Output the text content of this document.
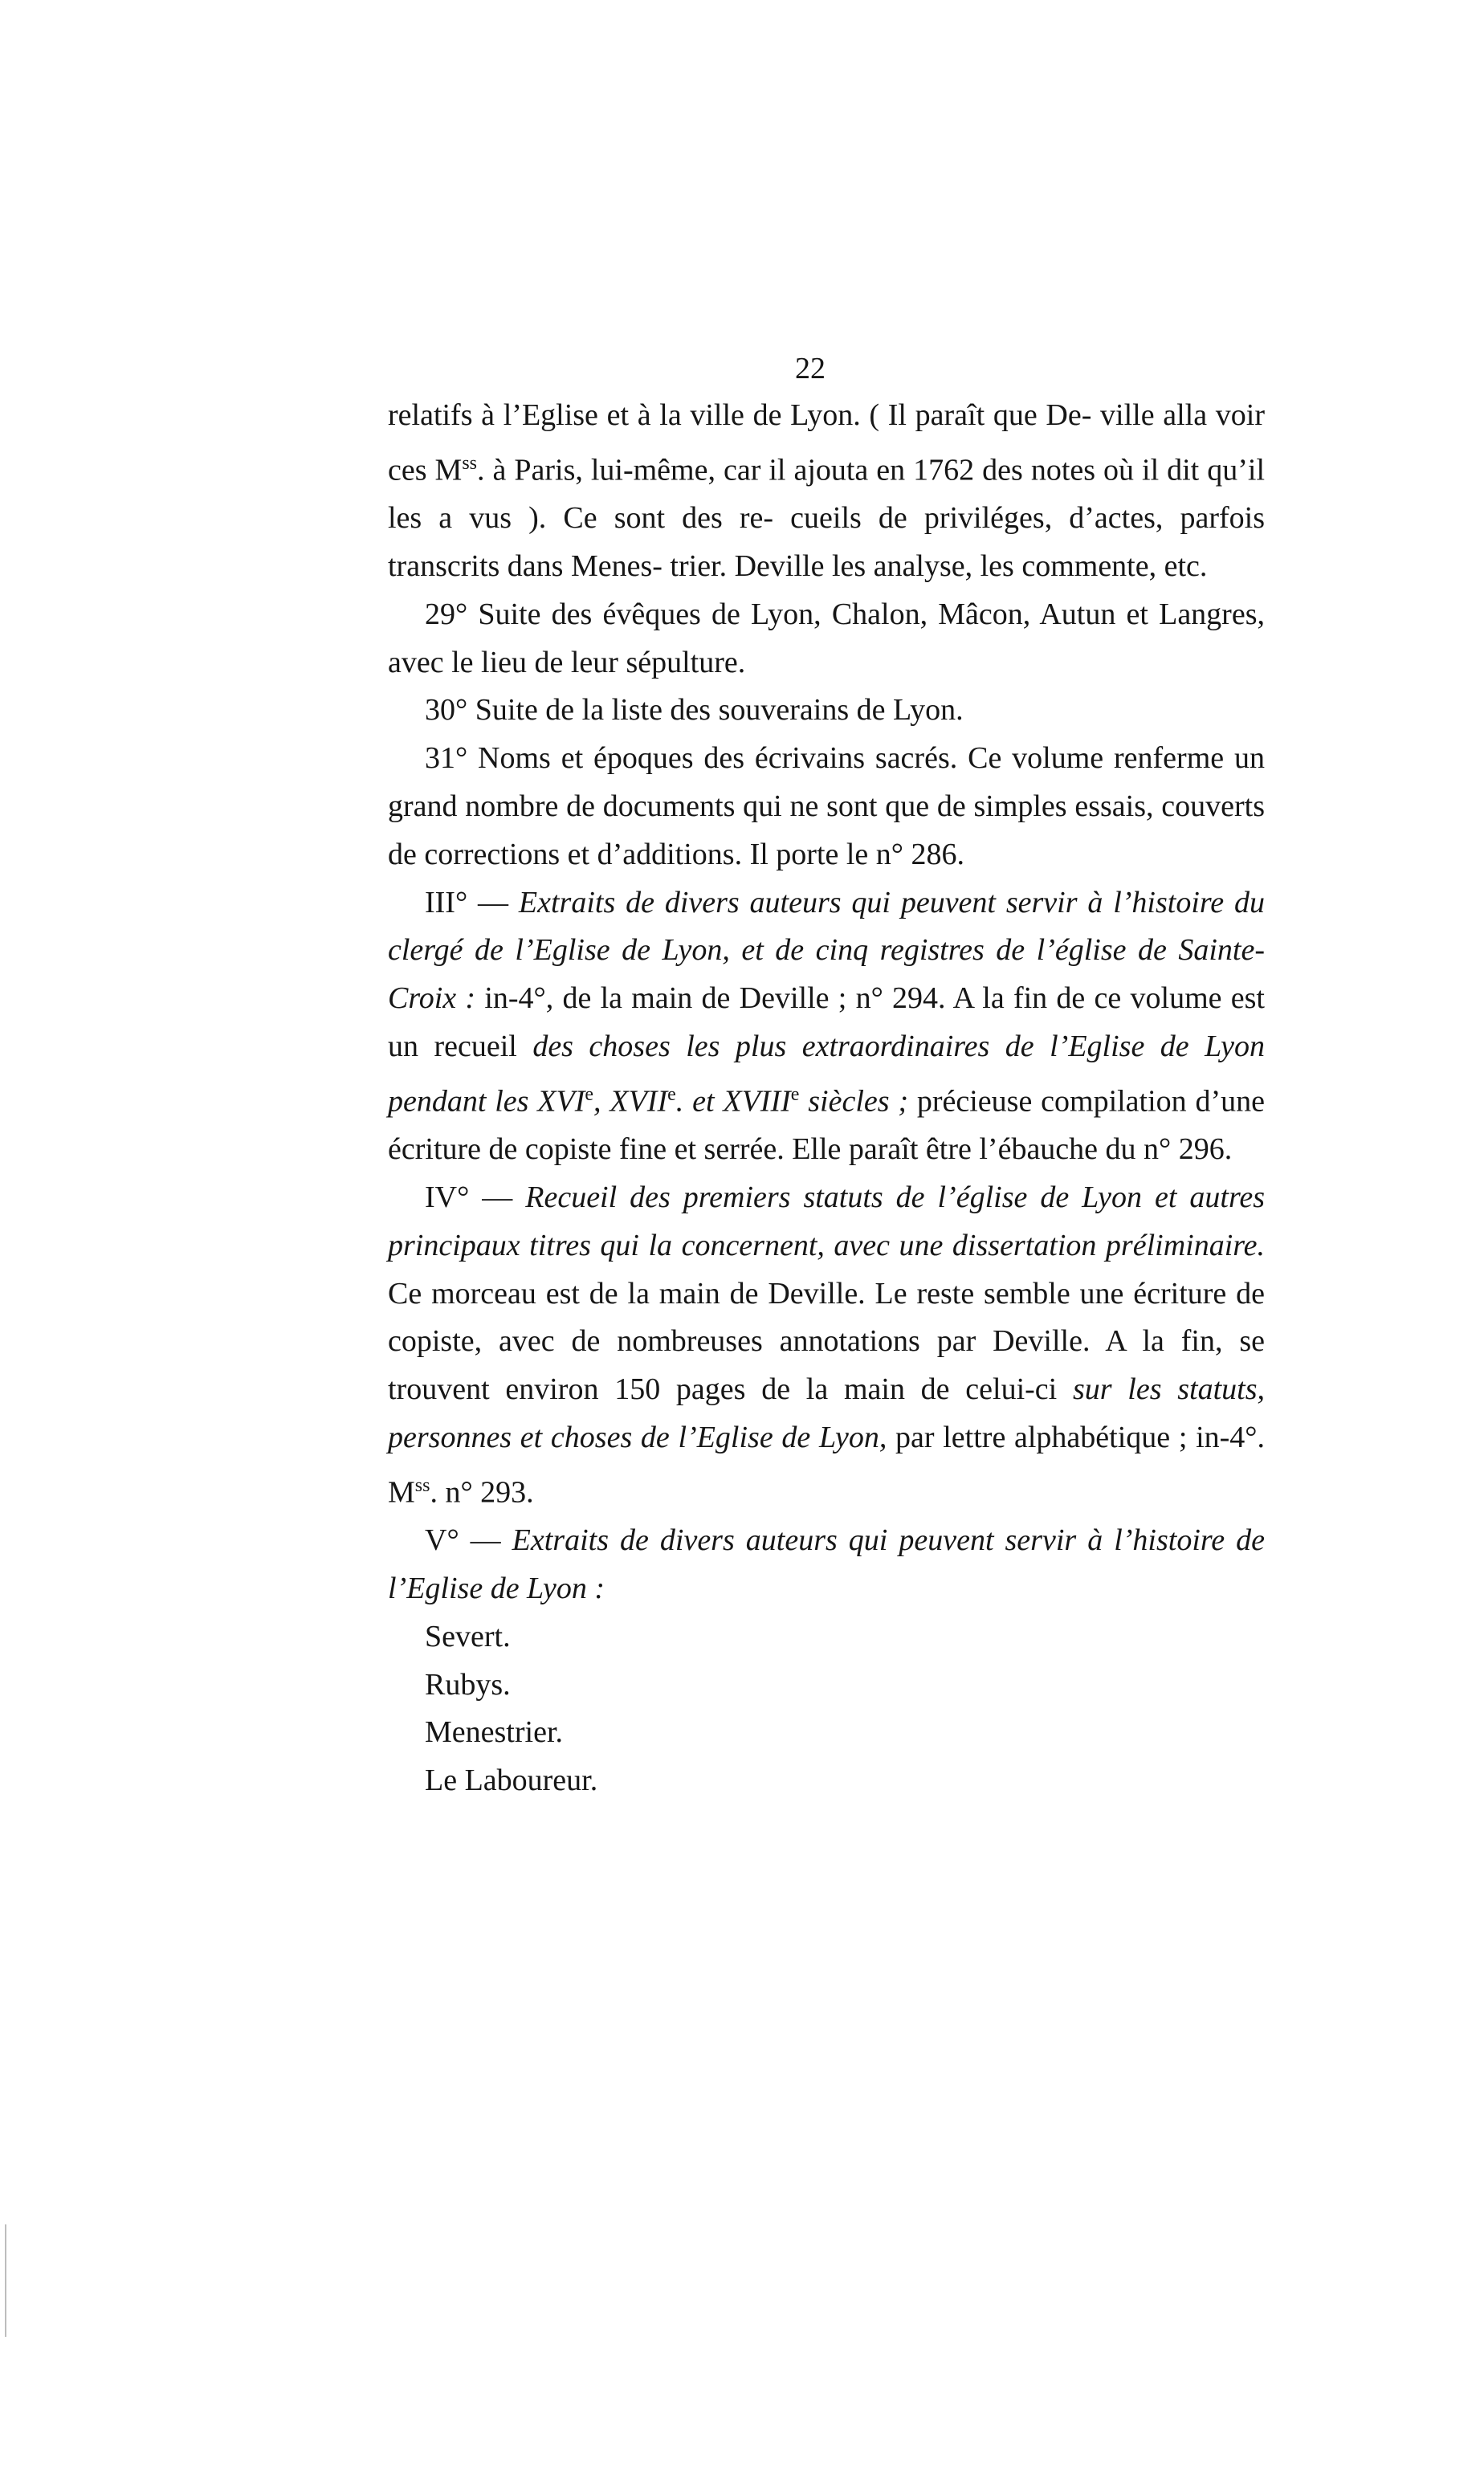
22

relatifs à l’Eglise et à la ville de Lyon. ( Il paraît que De- ville alla voir ces $M^{ss}$. à Paris, lui-même, car il ajouta en 1762 des notes où il dit qu’il les a vus ). Ce sont des re- cueils de priviléges, d’actes, parfois transcrits dans Menes- trier. Deville les analyse, les commente, etc.

29° Suite des évêques de Lyon, Chalon, Mâcon, Autun et Langres, avec le lieu de leur sépulture.

30° Suite de la liste des souverains de Lyon.

31° Noms et époques des écrivains sacrés. Ce volume renferme un grand nombre de documents qui ne sont que de simples essais, couverts de corrections et d’additions. Il porte le n° 286.

III° — Extraits de divers auteurs qui peuvent servir à l’histoire du clergé de l’Eglise de Lyon, et de cinq registres de l’église de Sainte-Croix : in-4°, de la main de Deville ; n° 294. A la fin de ce volume est un recueil des choses les plus extraordinaires de l’Eglise de Lyon pendant les XVIe, XVIIe. et XVIIIe siècles ; précieuse compilation d’une écriture de copiste fine et serrée. Elle paraît être l’ébauche du n° 296.

IV° — Recueil des premiers statuts de l’église de Lyon et autres principaux titres qui la concernent, avec une dissertation préliminaire. Ce morceau est de la main de Deville. Le reste semble une écriture de copiste, avec de nombreuses annotations par Deville. A la fin, se trouvent environ 150 pages de la main de celui-ci sur les statuts, personnes et choses de l’Eglise de Lyon, par lettre alphabétique ; in-4°. $M^{ss}$. n° 293.

V° — Extraits de divers auteurs qui peuvent servir à l’histoire de l’Eglise de Lyon :

Severt.
Rubys.
Menestrier.
Le Laboureur.
